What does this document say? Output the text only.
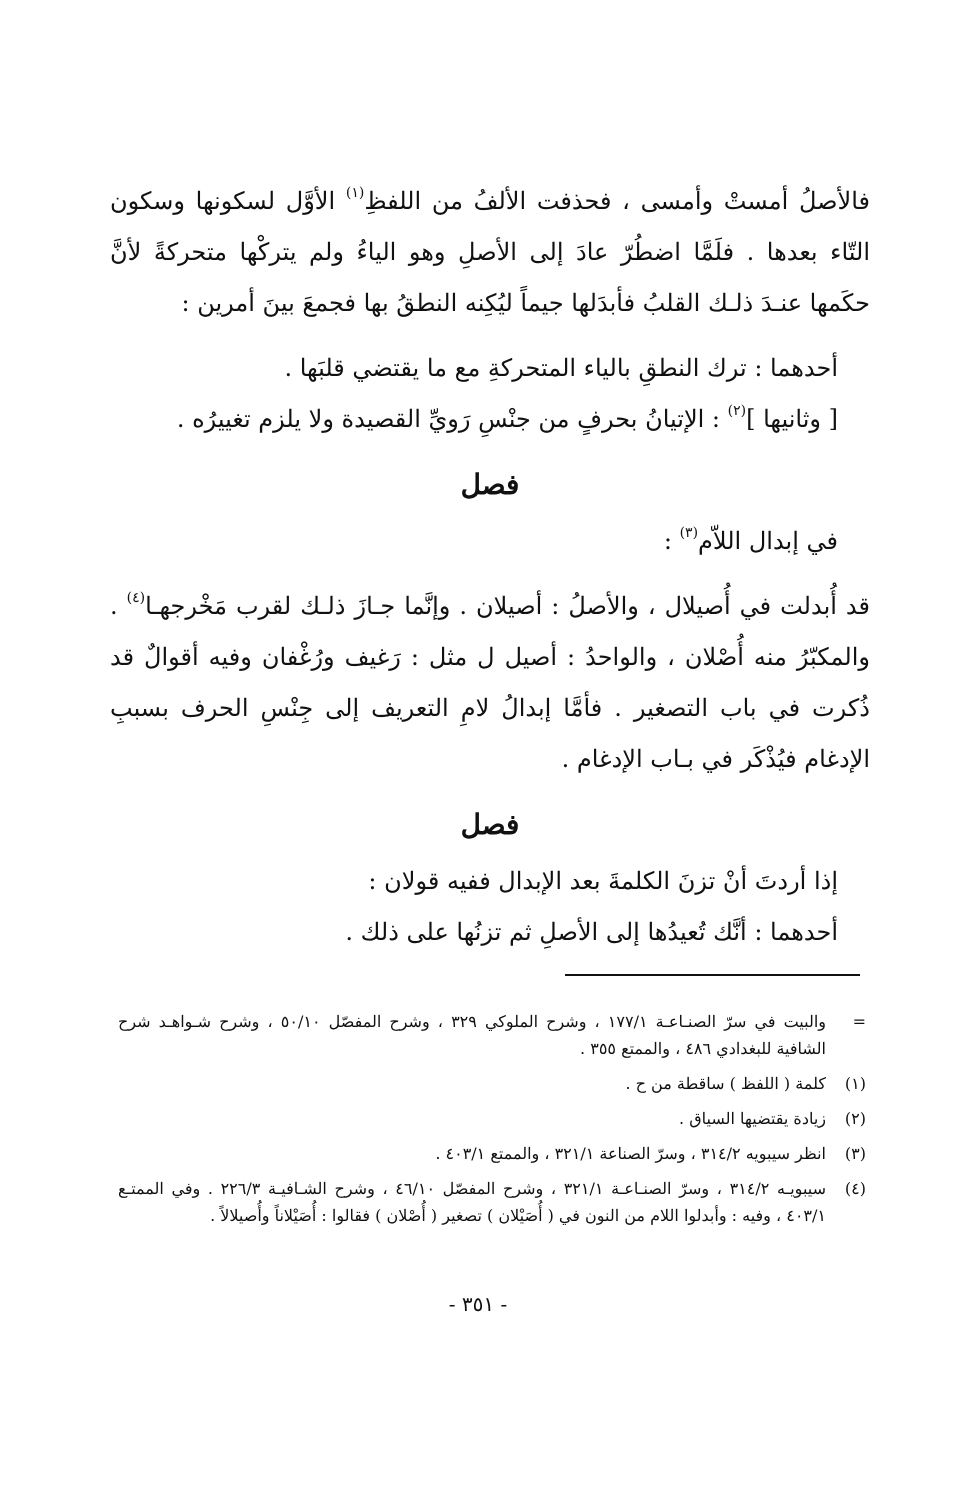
فالأصلُ أمستْ وأمسى ، فحذفت الألفُ من اللفظِ$^{(١)}$ الأوَّل لسكونها وسكون التّاء بعدها . فلَمَّا اضطُرّ عادَ إلى الأصلِ وهو الياءُ ولم يتركْها متحركةً لأنَّ حكَمها عنـدَ ذلـك القلبُ فأبدَلها جيماً ليُكِنه النطقُ بها فجمعَ بينَ أمرين :

أحدهما : ترك النطقِ بالياء المتحركةِ مع ما يقتضي قلبَها .

[ وثانيها ]$^{(٢)}$ : الإتيانُ بحرفٍ من جنْسِ رَويِّ القصيدة ولا يلزم تغييرُه .

فصل

في إبدال اللاّم$^{(٣)}$ :

قد أُبدلت في أُصيلال ، والأصلُ : أصيلان . وإنَّما جـازَ ذلـك لقرب مَخْرجهـا$^{(٤)}$ . والمكبّرُ منه أُصْلان ، والواحدُ : أصيل ل مثل : رَغيف ورُغْفان وفيه أقوالٌ قد ذُكرت في باب التصغير . فأمَّا إبدالُ لامِ التعريف إلى جِنْسِ الحرف بسببِ الإدغام فيُذْكَر في بـاب الإدغام .

فصل

إذا أردتَ أنْ تزنَ الكلمةَ بعد الإبدال ففيه قولان :

أحدهما : أنَّك تُعيدُها إلى الأصلِ ثم تزنُها على ذلك .

=
والبيت في سرّ الصنـاعـة ١٧٧/١ ، وشرح الملوكي ٣٢٩ ، وشرح المفصّل ٥٠/١٠ ، وشرح شـواهـد شرح الشافية للبغدادي ٤٨٦ ، والممتع ٣٥٥ .
(١)
كلمة ( اللفظ ) ساقطة من ح .
(٢)
زيادة يقتضيها السياق .
(٣)
انظر سيبويه ٣١٤/٢ ، وسرّ الصناعة ٣٢١/١ ، والممتع ٤٠٣/١ .
(٤)
سيبويـه ٣١٤/٢ ، وسرّ الصنـاعـة ٣٢١/١ ، وشرح المفصّل ٤٦/١٠ ، وشرح الشـافيـة ٢٢٦/٣ . وفي الممتـع ٤٠٣/١ ، وفيه : وأبدلوا اللام من النون في ( أُصَيْلان ) تصغير ( أُصْلان ) فقالوا : أُصَيْلاناً وأُصيلالاً .
- ٣٥١ -
